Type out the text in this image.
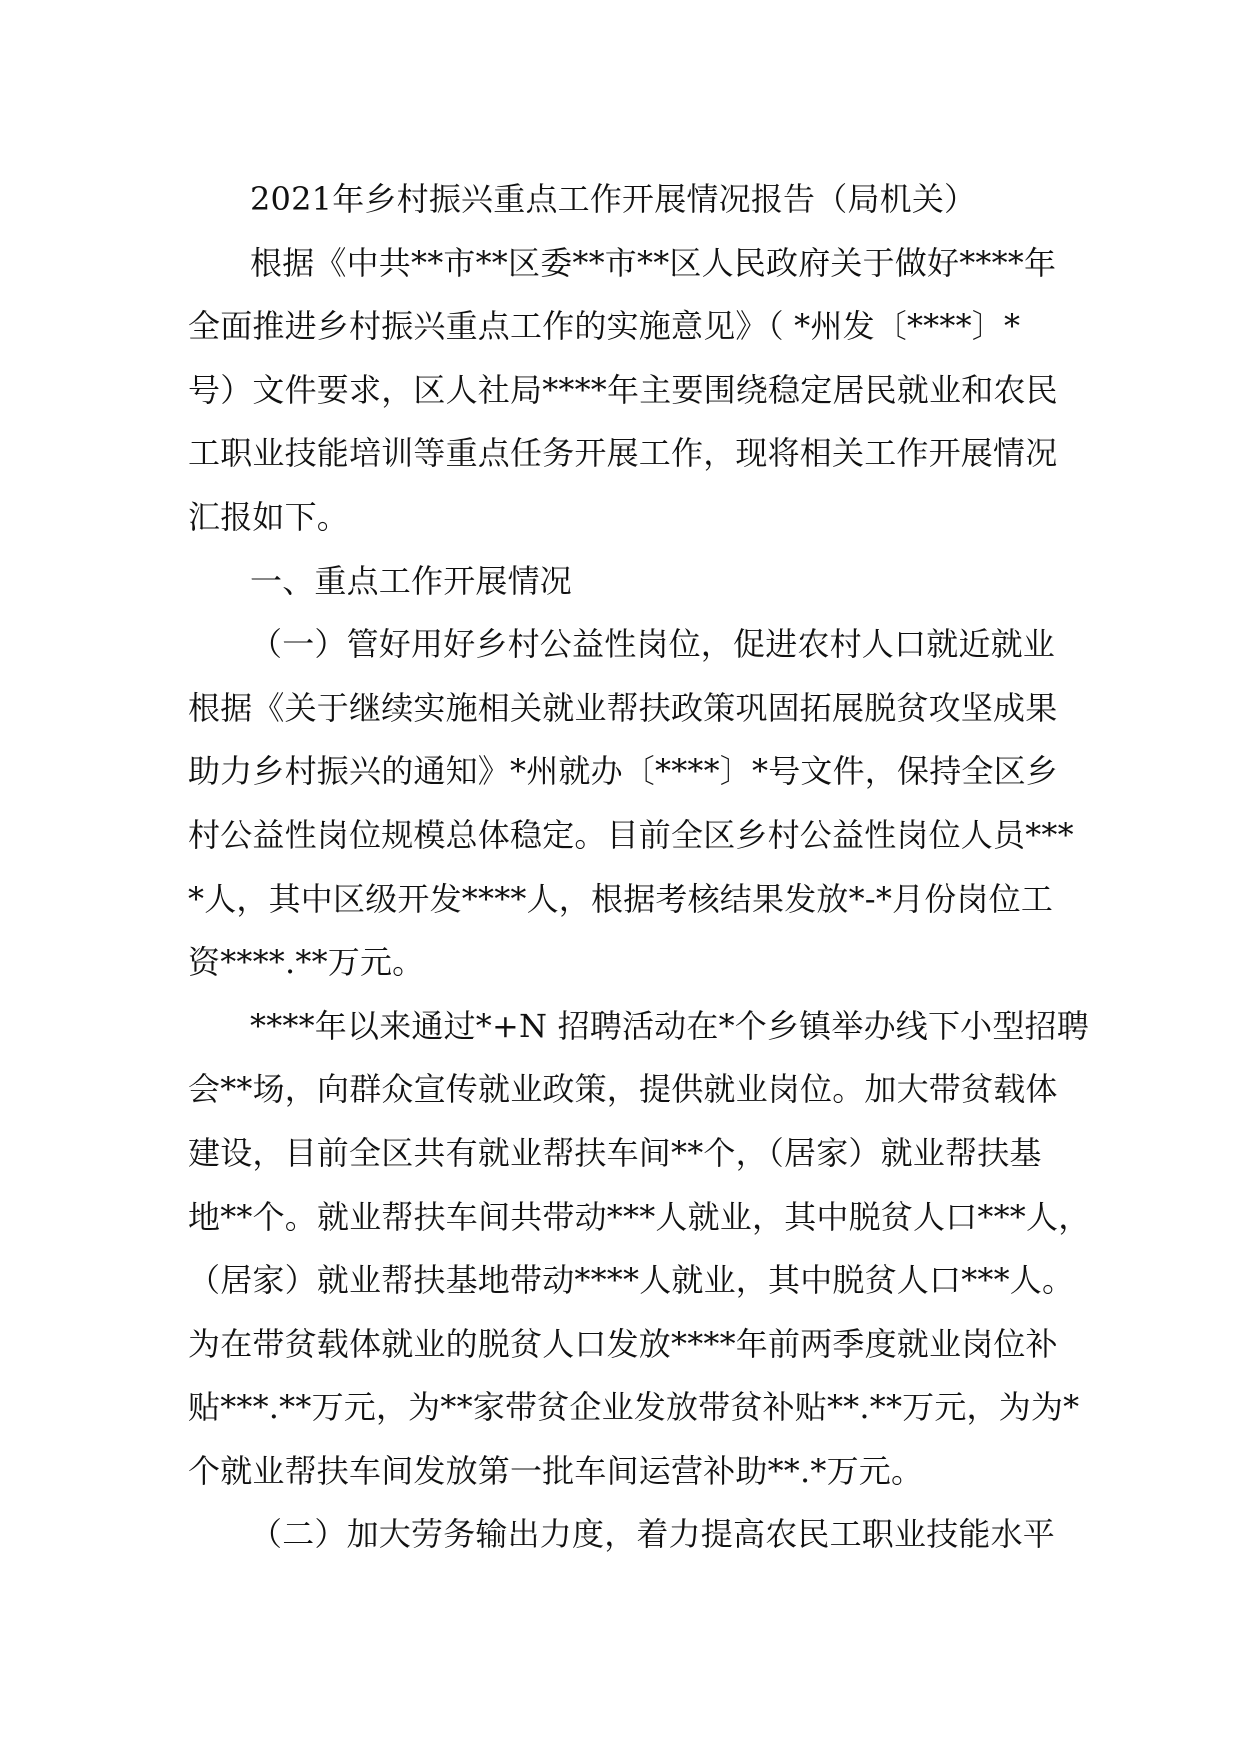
2021年乡村振兴重点工作开展情况报告（局机关）

根据《中共**市**区委**市**区人民政府关于做好****年

全面推进乡村振兴重点工作的实施意见》（ *州发〔****〕*

号）文件要求，区人社局****年主要围绕稳定居民就业和农民

工职业技能培训等重点任务开展工作，现将相关工作开展情况

汇报如下。

一、重点工作开展情况

（一）管好用好乡村公益性岗位，促进农村人口就近就业

根据《关于继续实施相关就业帮扶政策巩固拓展脱贫攻坚成果

助力乡村振兴的通知》*州就办〔****〕*号文件，保持全区乡

村公益性岗位规模总体稳定。目前全区乡村公益性岗位人员***

*人，其中区级开发****人，根据考核结果发放*-*月份岗位工

资****.**万元。

****年以来通过*+N 招聘活动在*个乡镇举办线下小型招聘

会**场，向群众宣传就业政策，提供就业岗位。加大带贫载体

建设，目前全区共有就业帮扶车间**个，（居家）就业帮扶基

地**个。就业帮扶车间共带动***人就业，其中脱贫人口***人，

（居家）就业帮扶基地带动****人就业，其中脱贫人口***人。

为在带贫载体就业的脱贫人口发放****年前两季度就业岗位补

贴***.**万元，为**家带贫企业发放带贫补贴**.**万元，为为*

个就业帮扶车间发放第一批车间运营补助**.*万元。

（二）加大劳务输出力度，着力提高农民工职业技能水平
